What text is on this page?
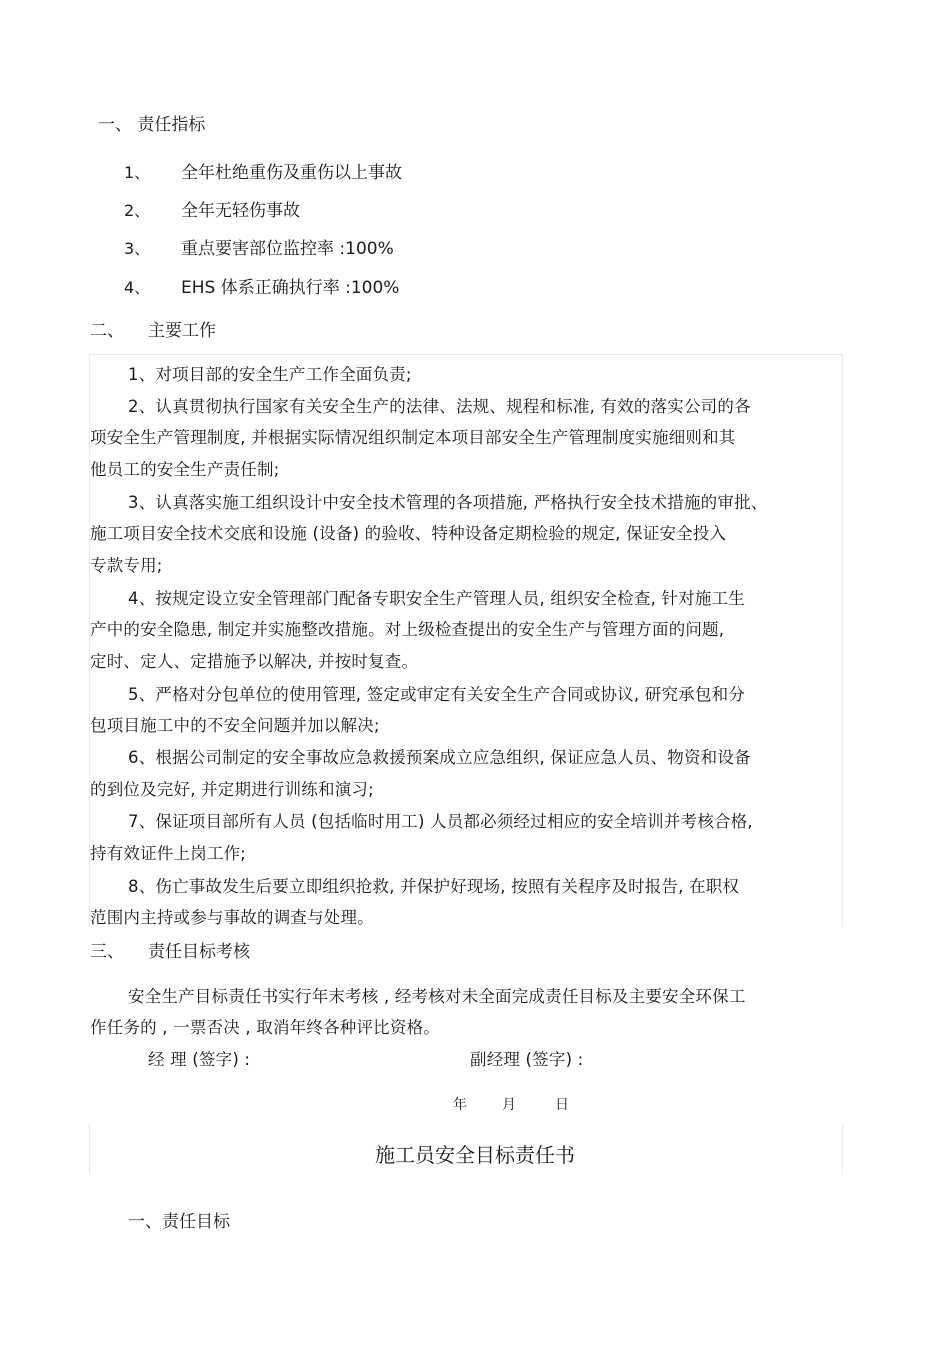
一、 责任指标
1、 全年杜绝重伤及重伤以上事故
2、 全年无轻伤事故
3、 重点要害部位监控率 :100%
4、 EHS 体系正确执行率 :100%
二、 主要工作
1、对项目部的安全生产工作全面负责;
2、认真贯彻执行国家有关安全生产的法律、法规、规程和标准, 有效的落实公司的各
项安全生产管理制度, 并根据实际情况组织制定本项目部安全生产管理制度实施细则和其
他员工的安全生产责任制;
3、认真落实施工组织设计中安全技术管理的各项措施, 严格执行安全技术措施的审批、
施工项目安全技术交底和设施 (设备) 的验收、特种设备定期检验的规定, 保证安全投入
专款专用;
4、按规定设立安全管理部门配备专职安全生产管理人员, 组织安全检查, 针对施工生
产中的安全隐患, 制定并实施整改措施。对上级检查提出的安全生产与管理方面的问题,
定时、定人、定措施予以解决, 并按时复查。
5、严格对分包单位的使用管理, 签定或审定有关安全生产合同或协议, 研究承包和分
包项目施工中的不安全问题并加以解决;
6、根据公司制定的安全事故应急救援预案成立应急组织, 保证应急人员、物资和设备
的到位及完好, 并定期进行训练和演习;
7、保证项目部所有人员 (包括临时用工) 人员都必须经过相应的安全培训并考核合格,
持有效证件上岗工作;
8、伤亡事故发生后要立即组织抢救, 并保护好现场, 按照有关程序及时报告, 在职权
范围内主持或参与事故的调查与处理。
三、 责任目标考核
安全生产目标责任书实行年末考核 , 经考核对未全面完成责任目标及主要安全环保工
作任务的 , 一票否决 , 取消年终各种评比资格。
经 理 (签字) :	副经理 (签字) :
年	月	日
施工员安全目标责任书
一、责任目标
